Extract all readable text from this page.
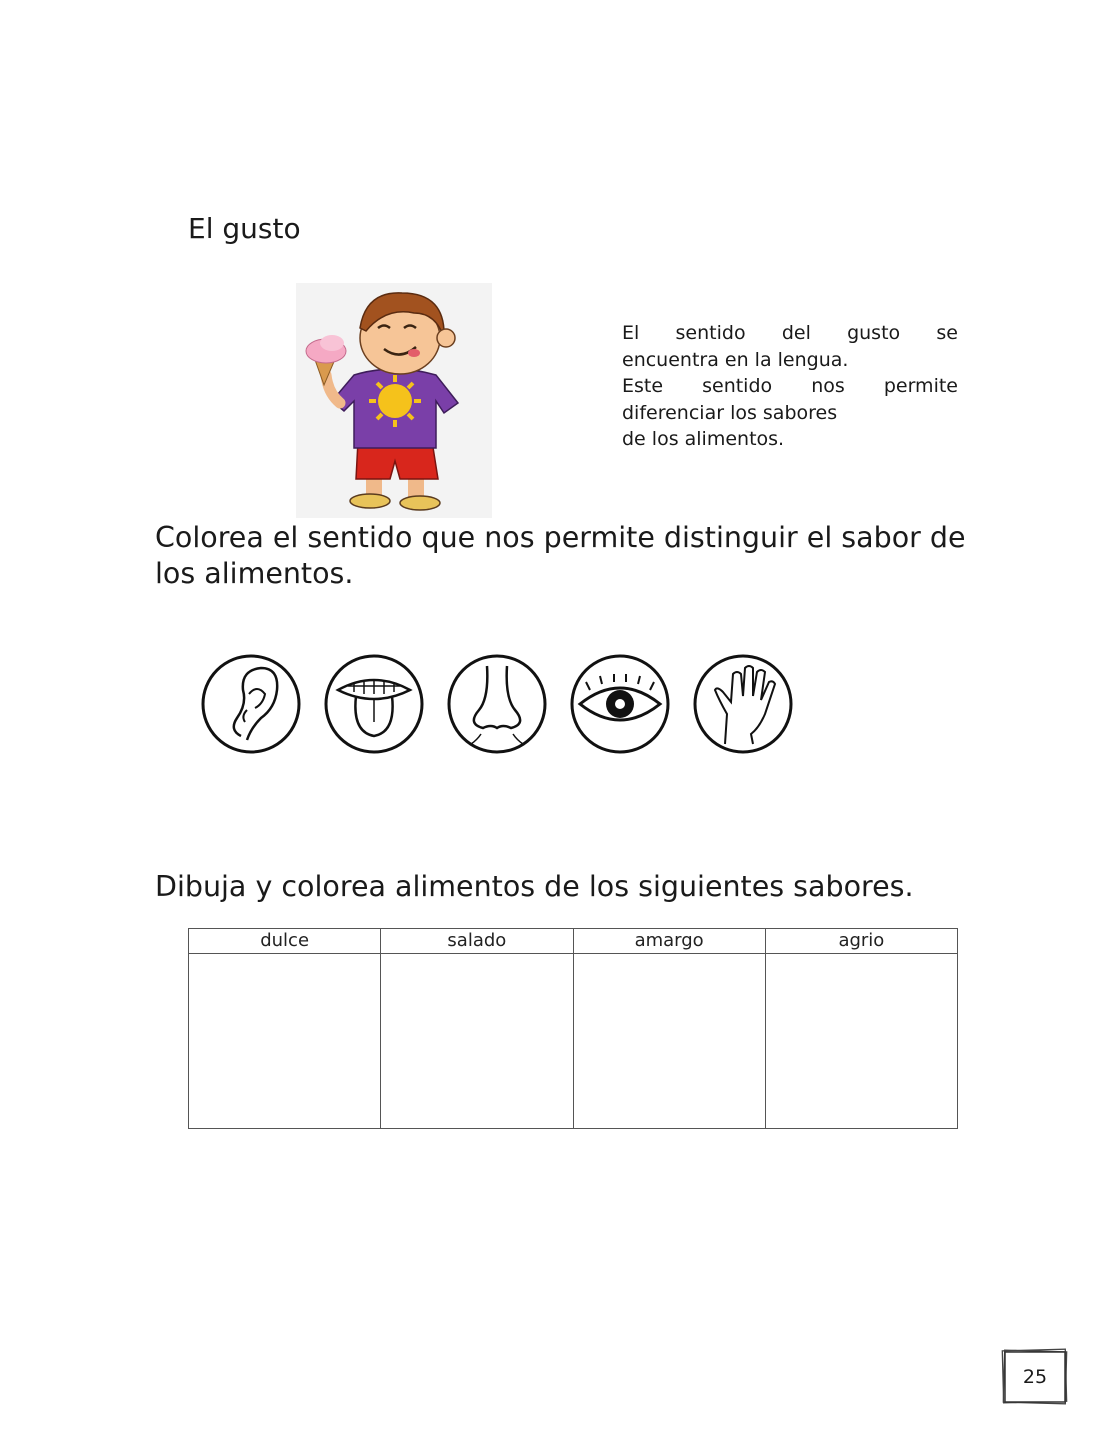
El gusto
El sentido del gusto se
encuentra en la lengua.
Este sentido nos permite
diferenciar los sabores
de los alimentos.
Colorea el sentido que nos permite distinguir el sabor de los alimentos.
Dibuja y colorea alimentos de los siguientes sabores.
dulce	salado	amargo	agrio

25
